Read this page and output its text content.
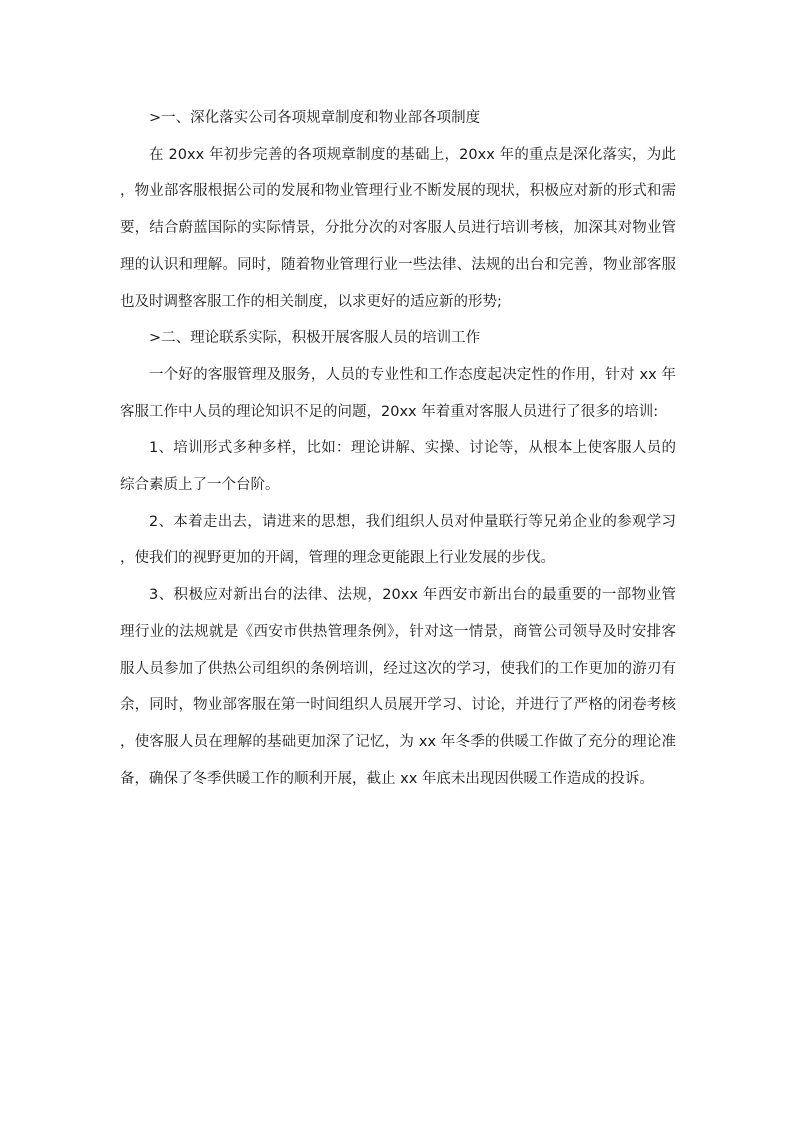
>一、深化落实公司各项规章制度和物业部各项制度

在 20xx 年初步完善的各项规章制度的基础上，20xx 年的重点是深化落实，为此，物业部客服根据公司的发展和物业管理行业不断发展的现状，积极应对新的形式和需要，结合蔚蓝国际的实际情景，分批分次的对客服人员进行培训考核，加深其对物业管理的认识和理解。同时，随着物业管理行业一些法律、法规的出台和完善，物业部客服也及时调整客服工作的相关制度，以求更好的适应新的形势;

>二、理论联系实际，积极开展客服人员的培训工作

一个好的客服管理及服务，人员的专业性和工作态度起决定性的作用，针对 xx 年客服工作中人员的理论知识不足的问题，20xx 年着重对客服人员进行了很多的培训:

1、培训形式多种多样，比如：理论讲解、实操、讨论等，从根本上使客服人员的综合素质上了一个台阶。

2、本着走出去，请进来的思想，我们组织人员对仲量联行等兄弟企业的参观学习，使我们的视野更加的开阔，管理的理念更能跟上行业发展的步伐。

3、积极应对新出台的法律、法规，20xx 年西安市新出台的最重要的一部物业管理行业的法规就是《西安市供热管理条例》，针对这一情景，商管公司领导及时安排客服人员参加了供热公司组织的条例培训，经过这次的学习，使我们的工作更加的游刃有余，同时，物业部客服在第一时间组织人员展开学习、讨论，并进行了严格的闭卷考核，使客服人员在理解的基础更加深了记忆，为 xx 年冬季的供暖工作做了充分的理论准备，确保了冬季供暖工作的顺利开展，截止 xx 年底未出现因供暖工作造成的投诉。
